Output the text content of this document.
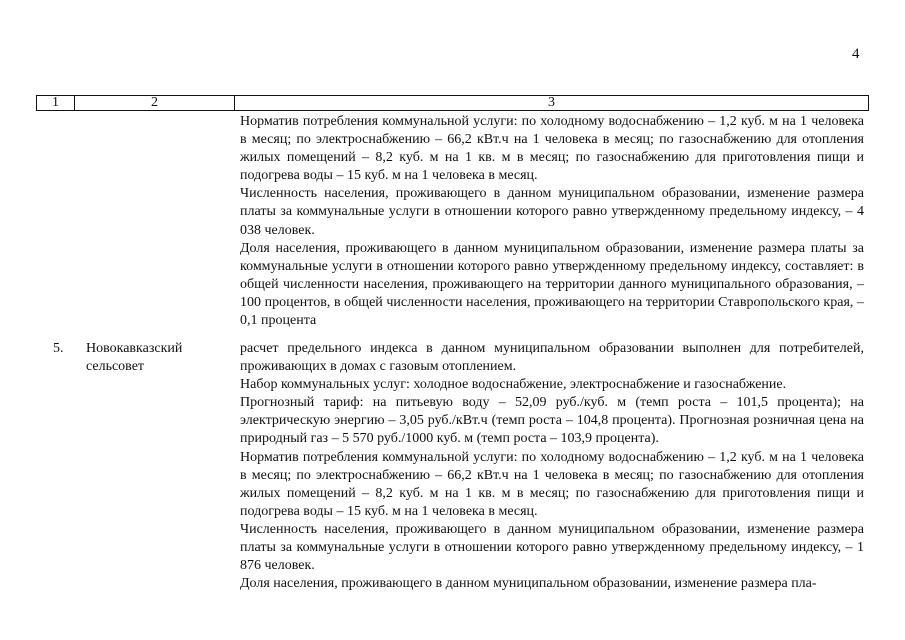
4
1	2	3

Норматив потребления коммунальной услуги: по холодному водоснабжению – 1,2 куб. м на 1 человека в месяц; по электроснабжению – 66,2 кВт.ч на 1 человека в месяц; по газоснабжению для отопления жилых помещений – 8,2 куб. м на 1 кв. м в месяц; по газоснабжению для приготовления пищи и подогрева воды – 15 куб. м на 1 человека в месяц.

Численность населения, проживающего в данном муниципальном образовании, изменение размера платы за коммунальные услуги в отношении которого равно утвержденному предельному индексу, – 4 038 человек.

Доля населения, проживающего в данном муниципальном образовании, изменение размера платы за коммунальные услуги в отношении которого равно утвержденному предельному индексу, составляет: в общей численности населения, проживающего на территории данного муниципального образования, – 100 процентов, в общей численности населения, проживающего на территории Ставропольского края, – 0,1 процента

5. Новокавказский сельсовет

расчет предельного индекса в данном муниципальном образовании выполнен для потребителей, проживающих в домах с газовым отоплением.

Набор коммунальных услуг: холодное водоснабжение, электроснабжение и газоснабжение.

Прогнозный тариф: на питьевую воду – 52,09 руб./куб. м (темп роста – 101,5 процента); на электрическую энергию – 3,05 руб./кВт.ч (темп роста – 104,8 процента). Прогнозная розничная цена на природный газ – 5 570 руб./1000 куб. м (темп роста – 103,9 процента).

Норматив потребления коммунальной услуги: по холодному водоснабжению – 1,2 куб. м на 1 человека в месяц; по электроснабжению – 66,2 кВт.ч на 1 человека в месяц; по газоснабжению для отопления жилых помещений – 8,2 куб. м на 1 кв. м в месяц; по газоснабжению для приготовления пищи и подогрева воды – 15 куб. м на 1 человека в месяц.

Численность населения, проживающего в данном муниципальном образовании, изменение размера платы за коммунальные услуги в отношении которого равно утвержденному предельному индексу, – 1 876 человек.

Доля населения, проживающего в данном муниципальном образовании, изменение размера пла-
